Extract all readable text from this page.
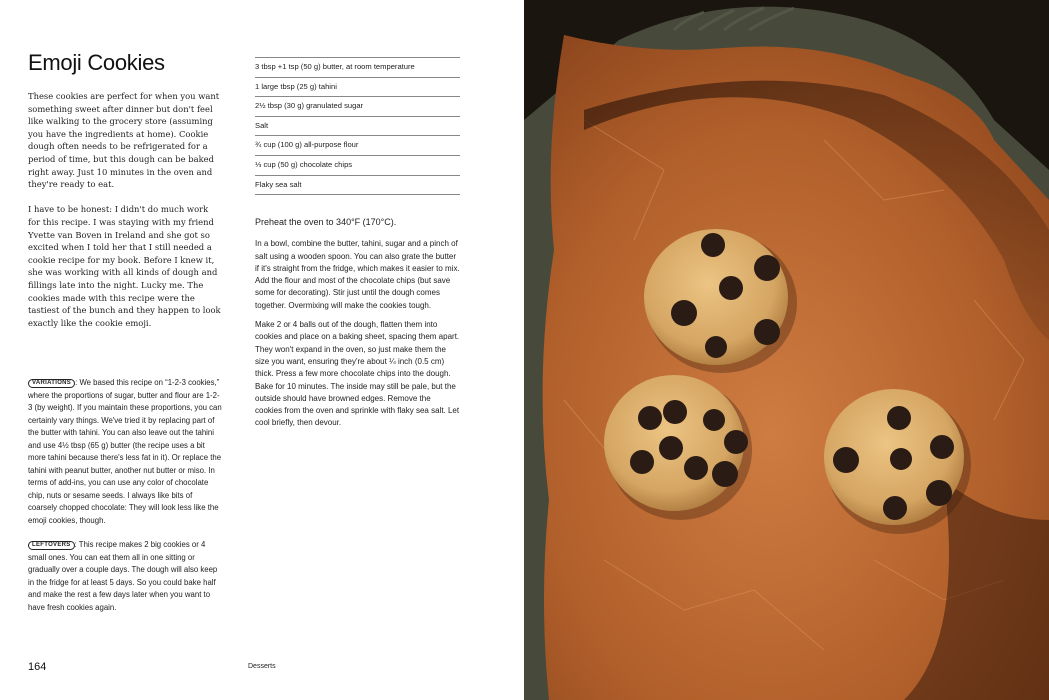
Emoji Cookies

These cookies are perfect for when you want something sweet after dinner but don't feel like walking to the grocery store (assuming you have the ingredients at home). Cookie dough often needs to be refrigerated for a period of time, but this dough can be baked right away. Just 10 minutes in the oven and they're ready to eat.

I have to be honest: I didn't do much work for this recipe. I was staying with my friend Yvette van Boven in Ireland and she got so excited when I told her that I still needed a cookie recipe for my book. Before I knew it, she was working with all kinds of dough and fillings late into the night. Lucky me. The cookies made with this recipe were the tastiest of the bunch and they happen to look exactly like the cookie emoji.

VARIATIONS : We based this recipe on “1-2-3 cookies,” where the proportions of sugar, butter and flour are 1-2-3 (by weight). If you maintain these proportions, you can certainly vary things. We've tried it by replacing part of the butter with tahini. You can also leave out the tahini and use 4½ tbsp (65 g) butter (the recipe uses a bit more tahini because there's less fat in it). Or replace the tahini with peanut butter, another nut butter or miso. In terms of add-ins, you can use any color of chocolate chip, nuts or sesame seeds. I always like bits of coarsely chopped chocolate: They will look less like the emoji cookies, though.

LEFTOVERS : This recipe makes 2 big cookies or 4 small ones. You can eat them all in one sitting or gradually over a couple days. The dough will also keep in the fridge for at least 5 days. So you could bake half and make the rest a few days later when you want to have fresh cookies again.

3 tbsp +1 tsp (50 g) butter, at room temperature
1 large tbsp (25 g) tahini
2½ tbsp (30 g) granulated sugar
Salt
¾ cup (100 g) all-purpose flour
⅓ cup (50 g) chocolate chips
Flaky sea salt

Preheat the oven to 340°F (170°C).

In a bowl, combine the butter, tahini, sugar and a pinch of salt using a wooden spoon. You can also grate the butter if it's straight from the fridge, which makes it easier to mix. Add the flour and most of the chocolate chips (but save some for decorating). Stir just until the dough comes together. Overmixing will make the cookies tough.

Make 2 or 4 balls out of the dough, flatten them into cookies and place on a baking sheet, spacing them apart. They won't expand in the oven, so just make them the size you want, ensuring they're about ¼ inch (0.5 cm) thick. Press a few more chocolate chips into the dough. Bake for 10 minutes. The inside may still be pale, but the outside should have browned edges. Remove the cookies from the oven and sprinkle with flaky sea salt. Let cool briefly, then devour.

164	Desserts
